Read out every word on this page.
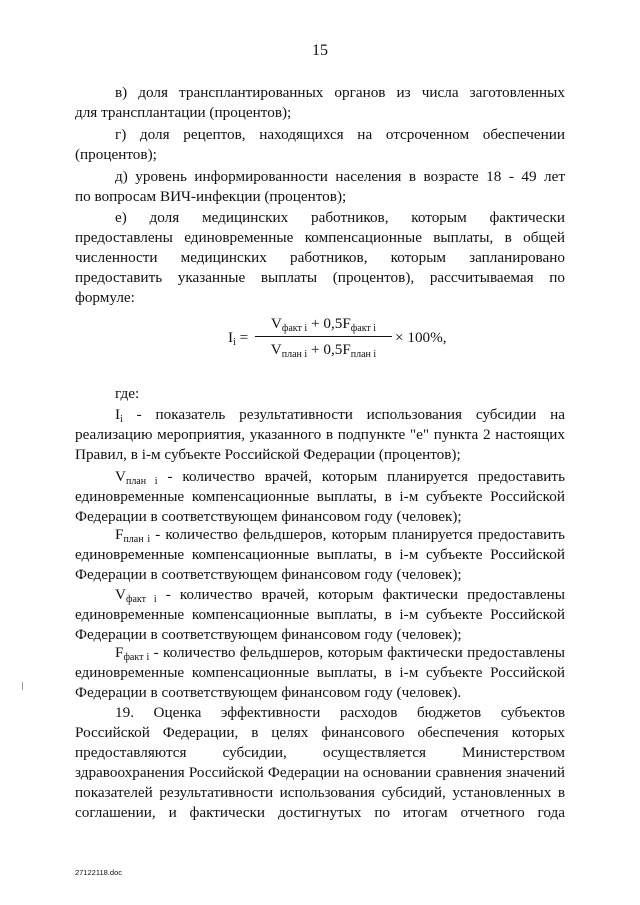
15
в) доля трансплантированных органов из числа заготовленных
для трансплантации (процентов);
г) доля рецептов, находящихся на отсроченном обеспечении
(процентов);
д) уровень информированности населения в возрасте 18 - 49 лет
по вопросам ВИЧ-инфекции (процентов);
е) доля медицинских работников, которым фактически
предоставлены единовременные компенсационные выплаты, в общей
численности медицинских работников, которым запланировано
предоставить указанные выплаты (процентов), рассчитываемая по
формуле:
где:
$I_i$ =
$V_{факт i} + 0,5F_{факт i}$
$V_{план i} + 0,5F_{план i}$
× 100%,
$I_i$ - показатель результативности использования субсидии на
реализацию мероприятия, указанного в подпункте "е" пункта 2 настоящих
Правил, в i-м субъекте Российской Федерации (процентов);
$V_{план i}$ - количество врачей, которым планируется предоставить
единовременные компенсационные выплаты, в i-м субъекте Российской
Федерации в соответствующем финансовом году (человек);
$F_{план i}$ - количество фельдшеров, которым планируется предоставить
единовременные компенсационные выплаты, в i-м субъекте Российской
Федерации в соответствующем финансовом году (человек);
$V_{факт i}$ - количество врачей, которым фактически предоставлены
единовременные компенсационные выплаты, в i-м субъекте Российской
Федерации в соответствующем финансовом году (человек);
$F_{факт i}$ - количество фельдшеров, которым фактически предоставлены
единовременные компенсационные выплаты, в i-м субъекте Российской
Федерации в соответствующем финансовом году (человек).
19. Оценка эффективности расходов бюджетов субъектов
Российской Федерации, в целях финансового обеспечения которых
предоставляются субсидии, осуществляется Министерством
здравоохранения Российской Федерации на основании сравнения значений
показателей результативности использования субсидий, установленных в
соглашении, и фактически достигнутых по итогам отчетного года
27122118.doc
